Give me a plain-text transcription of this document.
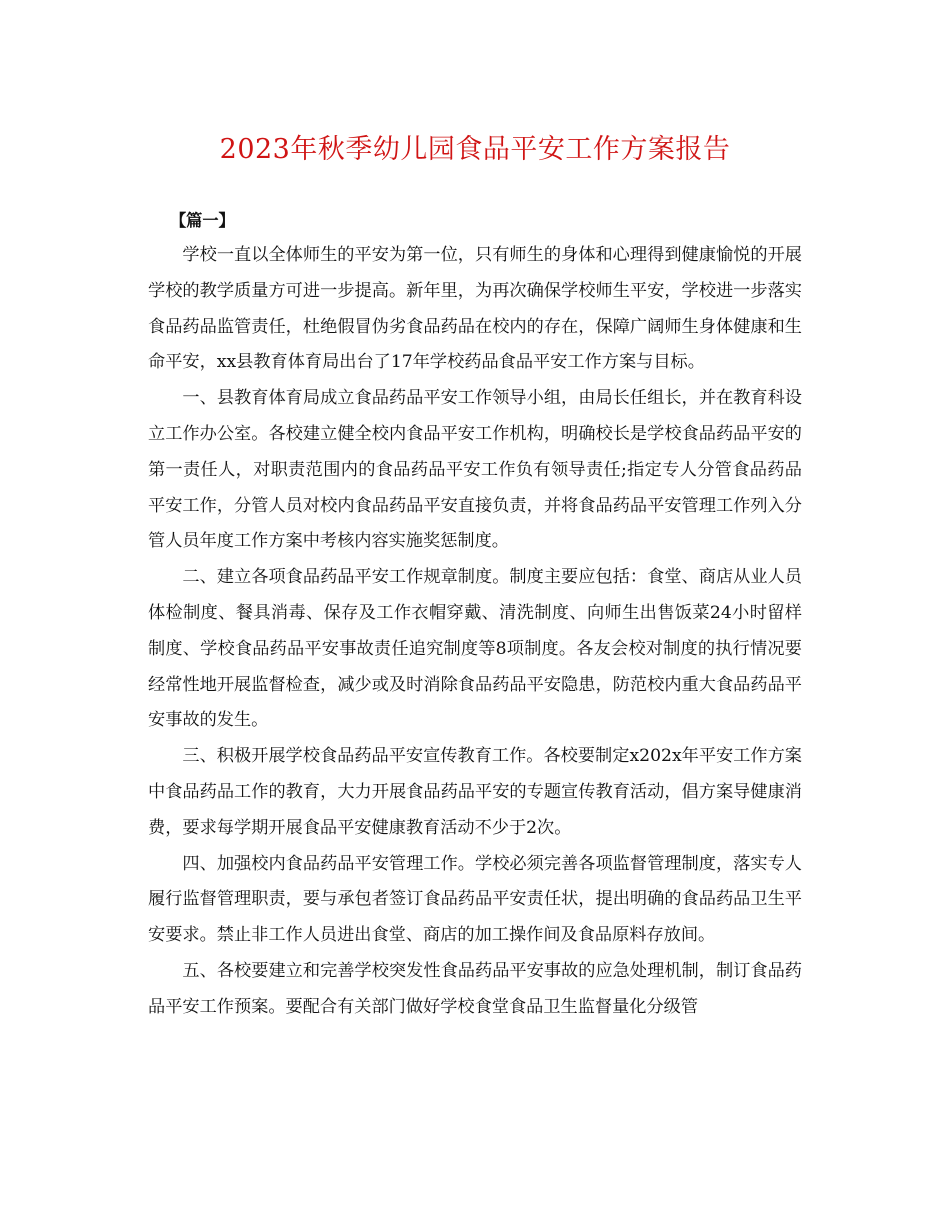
2023年秋季幼儿园食品平安工作方案报告

【篇一】

学校一直以全体师生的平安为第一位，只有师生的身体和心理得到健康愉悦的开展学校的教学质量方可进一步提高。新年里，为再次确保学校师生平安，学校进一步落实食品药品监管责任，杜绝假冒伪劣食品药品在校内的存在，保障广阔师生身体健康和生命平安，xx县教育体育局出台了17年学校药品食品平安工作方案与目标。

一、县教育体育局成立食品药品平安工作领导小组，由局长任组长，并在教育科设立工作办公室。各校建立健全校内食品平安工作机构，明确校长是学校食品药品平安的第一责任人，对职责范围内的食品药品平安工作负有领导责任;指定专人分管食品药品平安工作，分管人员对校内食品药品平安直接负责，并将食品药品平安管理工作列入分管人员年度工作方案中考核内容实施奖惩制度。

二、建立各项食品药品平安工作规章制度。制度主要应包括：食堂、商店从业人员体检制度、餐具消毒、保存及工作衣帽穿戴、清洗制度、向师生出售饭菜24小时留样制度、学校食品药品平安事故责任追究制度等8项制度。各友会校对制度的执行情况要经常性地开展监督检查，减少或及时消除食品药品平安隐患，防范校内重大食品药品平安事故的发生。

三、积极开展学校食品药品平安宣传教育工作。各校要制定x202x年平安工作方案中食品药品工作的教育，大力开展食品药品平安的专题宣传教育活动，倡方案导健康消费，要求每学期开展食品平安健康教育活动不少于2次。

四、加强校内食品药品平安管理工作。学校必须完善各项监督管理制度，落实专人履行监督管理职责，要与承包者签订食品药品平安责任状，提出明确的食品药品卫生平安要求。禁止非工作人员进出食堂、商店的加工操作间及食品原料存放间。

五、各校要建立和完善学校突发性食品药品平安事故的应急处理机制，制订食品药品平安工作预案。要配合有关部门做好学校食堂食品卫生监督量化分级管
